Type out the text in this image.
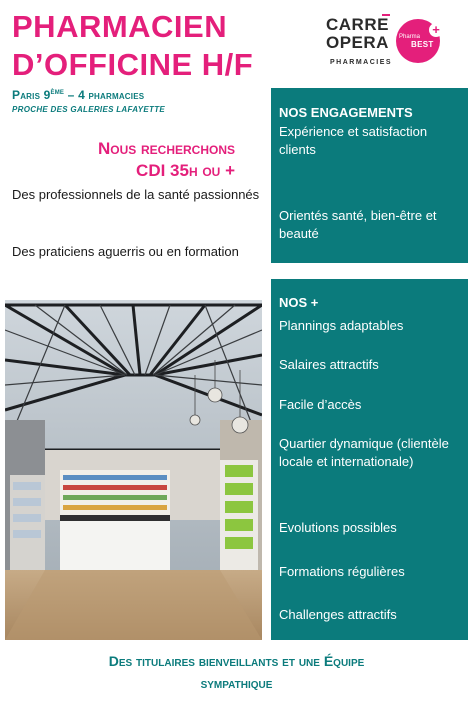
PHARMACIEN
D’OFFICINE H/F
CARRE
OPERA
PHARMACIES
Pharma
BEST
+
Paris 9ème – 4 pharmacies
PROCHE DES GALERIES LAFAYETTE
Nous recherchons
CDI 35h ou +
Des professionnels de la santé passionnés
Des praticiens aguerris ou en formation
NOS ENGAGEMENTS
Expérience et satisfaction clients
Orientés santé, bien-être et beauté
NOS +
Plannings adaptables
Salaires attractifs
Facile d’accès
Quartier dynamique (clientèle locale et internationale)
Evolutions possibles
Formations régulières
Challenges attractifs
Des titulaires bienveillants et une Équipe
sympathique
